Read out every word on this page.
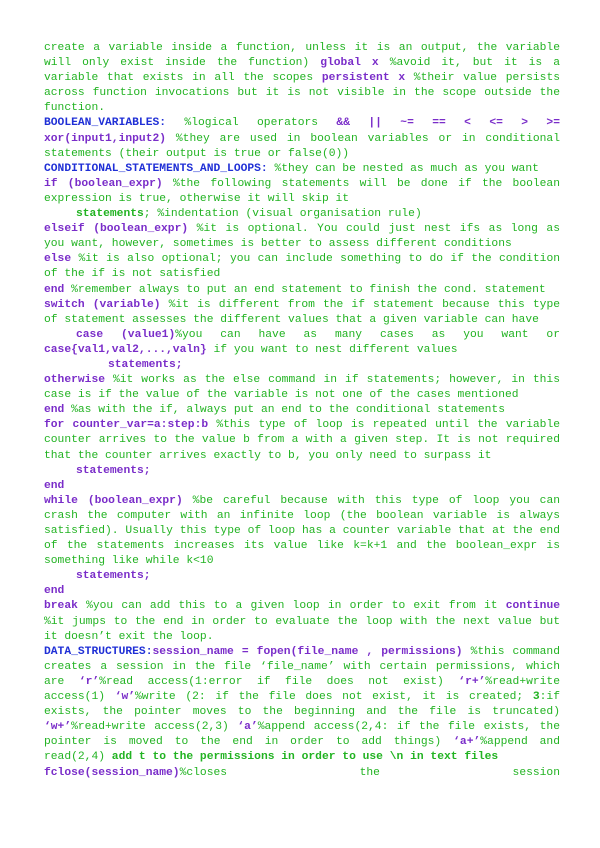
create a variable inside a function, unless it is an output, the variable will only exist inside the function) global x %avoid it, but it is a variable that exists in all the scopes persistent x %their value persists across function invocations but it is not visible in the scope outside the function.

BOOLEAN_VARIABLES: %logical operators && || ~= == < <= > >= xor(input1,input2) %they are used in boolean variables or in conditional statements (their output is true or false(0))

CONDITIONAL_STATEMENTS_AND_LOOPS: %they can be nested as much as you want

if (boolean_expr) %the following statements will be done if the boolean expression is true, otherwise it will skip it

statements; %indentation (visual organisation rule)

elseif (boolean_expr) %it is optional. You could just nest ifs as long as you want, however, sometimes is better to assess different conditions

else %it is also optional; you can include something to do if the condition of the if is not satisfied

end %remember always to put an end statement to finish the cond. statement

switch (variable) %it is different from the if statement because this type of statement assesses the different values that a given variable can have

case (value1)%you can have as many cases as you want or case{val1,val2,...,valn} if you want to nest different values

statements;

otherwise %it works as the else command in if statements; however, in this case is if the value of the variable is not one of the cases mentioned

end %as with the if, always put an end to the conditional statements

for counter_var=a:step:b %this type of loop is repeated until the variable counter arrives to the value b from a with a given step. It is not required that the counter arrives exactly to b, you only need to surpass it

statements;

end

while (boolean_expr) %be careful because with this type of loop you can crash the computer with an infinite loop (the boolean variable is always satisfied). Usually this type of loop has a counter variable that at the end of the statements increases its value like k=k+1 and the boolean_expr is something like while k<10

statements;

end

break %you can add this to a given loop in order to exit from it continue %it jumps to the end in order to evaluate the loop with the next value but it doesn’t exit the loop.

DATA_STRUCTURES:session_name = fopen(file_name , permissions) %this command creates a session in the file ‘file_name’ with certain permissions, which are ‘r’%read access(1:error if file does not exist) ‘r+’%read+write access(1) ‘w’%write (2: if the file does not exist, it is created; 3:if exists, the pointer moves to the beginning and the file is truncated) ‘w+’%read+write access(2,3) ‘a’%append access(2,4: if the file exists, the pointer is moved to the end in order to add things) ‘a+’%append and read(2,4) add t to the permissions in order to use \n in text files

fclose(session_name)%closes the session
